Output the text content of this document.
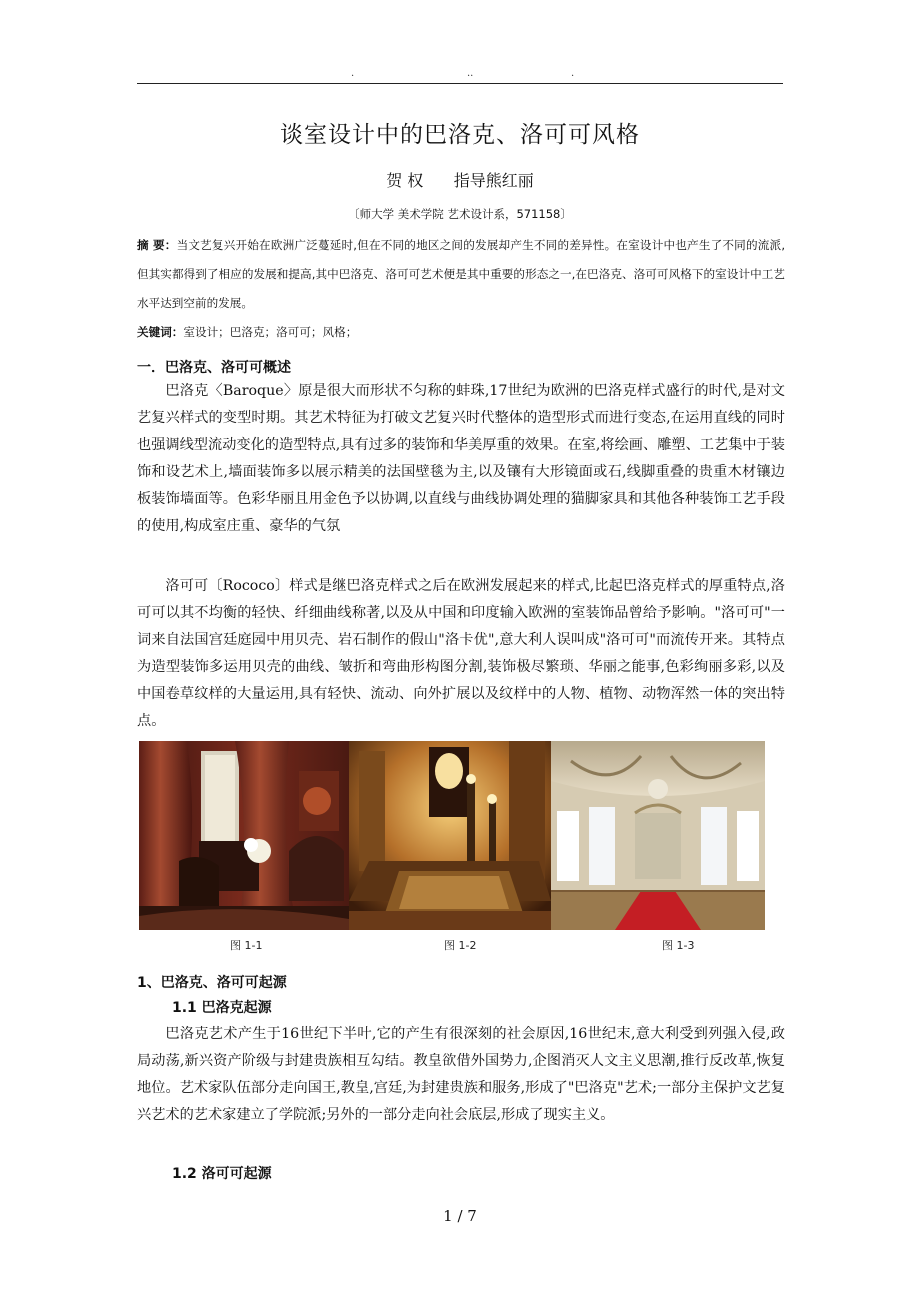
.	..	.
谈室设计中的巴洛克、洛可可风格
贺 权      指导熊红丽
〔师大学 美术学院 艺术设计系，571158〕
摘 要：当文艺复兴开始在欧洲广泛蔓延时,但在不同的地区之间的发展却产生不同的差异性。在室设计中也产生了不同的流派,但其实都得到了相应的发展和提高,其中巴洛克、洛可可艺术便是其中重要的形态之一,在巴洛克、洛可可风格下的室设计中工艺水平达到空前的发展。
关键词：室设计；巴洛克；洛可可；风格；
一．巴洛克、洛可可概述
巴洛克〈Baroque〉原是很大而形状不匀称的蚌珠,17世纪为欧洲的巴洛克样式盛行的时代,是对文艺复兴样式的变型时期。其艺术特征为打破文艺复兴时代整体的造型形式而进行变态,在运用直线的同时也强调线型流动变化的造型特点,具有过多的装饰和华美厚重的效果。在室,将绘画、雕塑、工艺集中于装饰和设艺术上,墙面装饰多以展示精美的法国壁毯为主,以及镶有大形镜面或石,线脚重叠的贵重木材镶边板装饰墙面等。色彩华丽且用金色予以协调,以直线与曲线协调处理的猫脚家具和其他各种装饰工艺手段的使用,构成室庄重、豪华的气氛
洛可可〔Rococo〕样式是继巴洛克样式之后在欧洲发展起来的样式,比起巴洛克样式的厚重特点,洛可可以其不均衡的轻快、纤细曲线称著,以及从中国和印度输入欧洲的室装饰品曾给予影响。"洛可可"一词来自法国宫廷庭园中用贝壳、岩石制作的假山"洛卡优",意大利人误叫成"洛可可"而流传开来。其特点为造型装饰多运用贝壳的曲线、皱折和弯曲形构图分割,装饰极尽繁琐、华丽之能事,色彩绚丽多彩,以及中国卷草纹样的大量运用,具有轻快、流动、向外扩展以及纹样中的人物、植物、动物浑然一体的突出特点。
图 1-1	图 1-2	图 1-3
1、巴洛克、洛可可起源
1.1 巴洛克起源
巴洛克艺术产生于16世纪下半叶,它的产生有很深刻的社会原因,16世纪末,意大利受到列强入侵,政局动荡,新兴资产阶级与封建贵族相互勾结。教皇欲借外国势力,企图消灭人文主义思潮,推行反改革,恢复地位。艺术家队伍部分走向国王,教皇,宫廷,为封建贵族和服务,形成了"巴洛克"艺术;一部分主保护文艺复兴艺术的艺术家建立了学院派;另外的一部分走向社会底层,形成了现实主义。
1.2 洛可可起源
1 / 7
